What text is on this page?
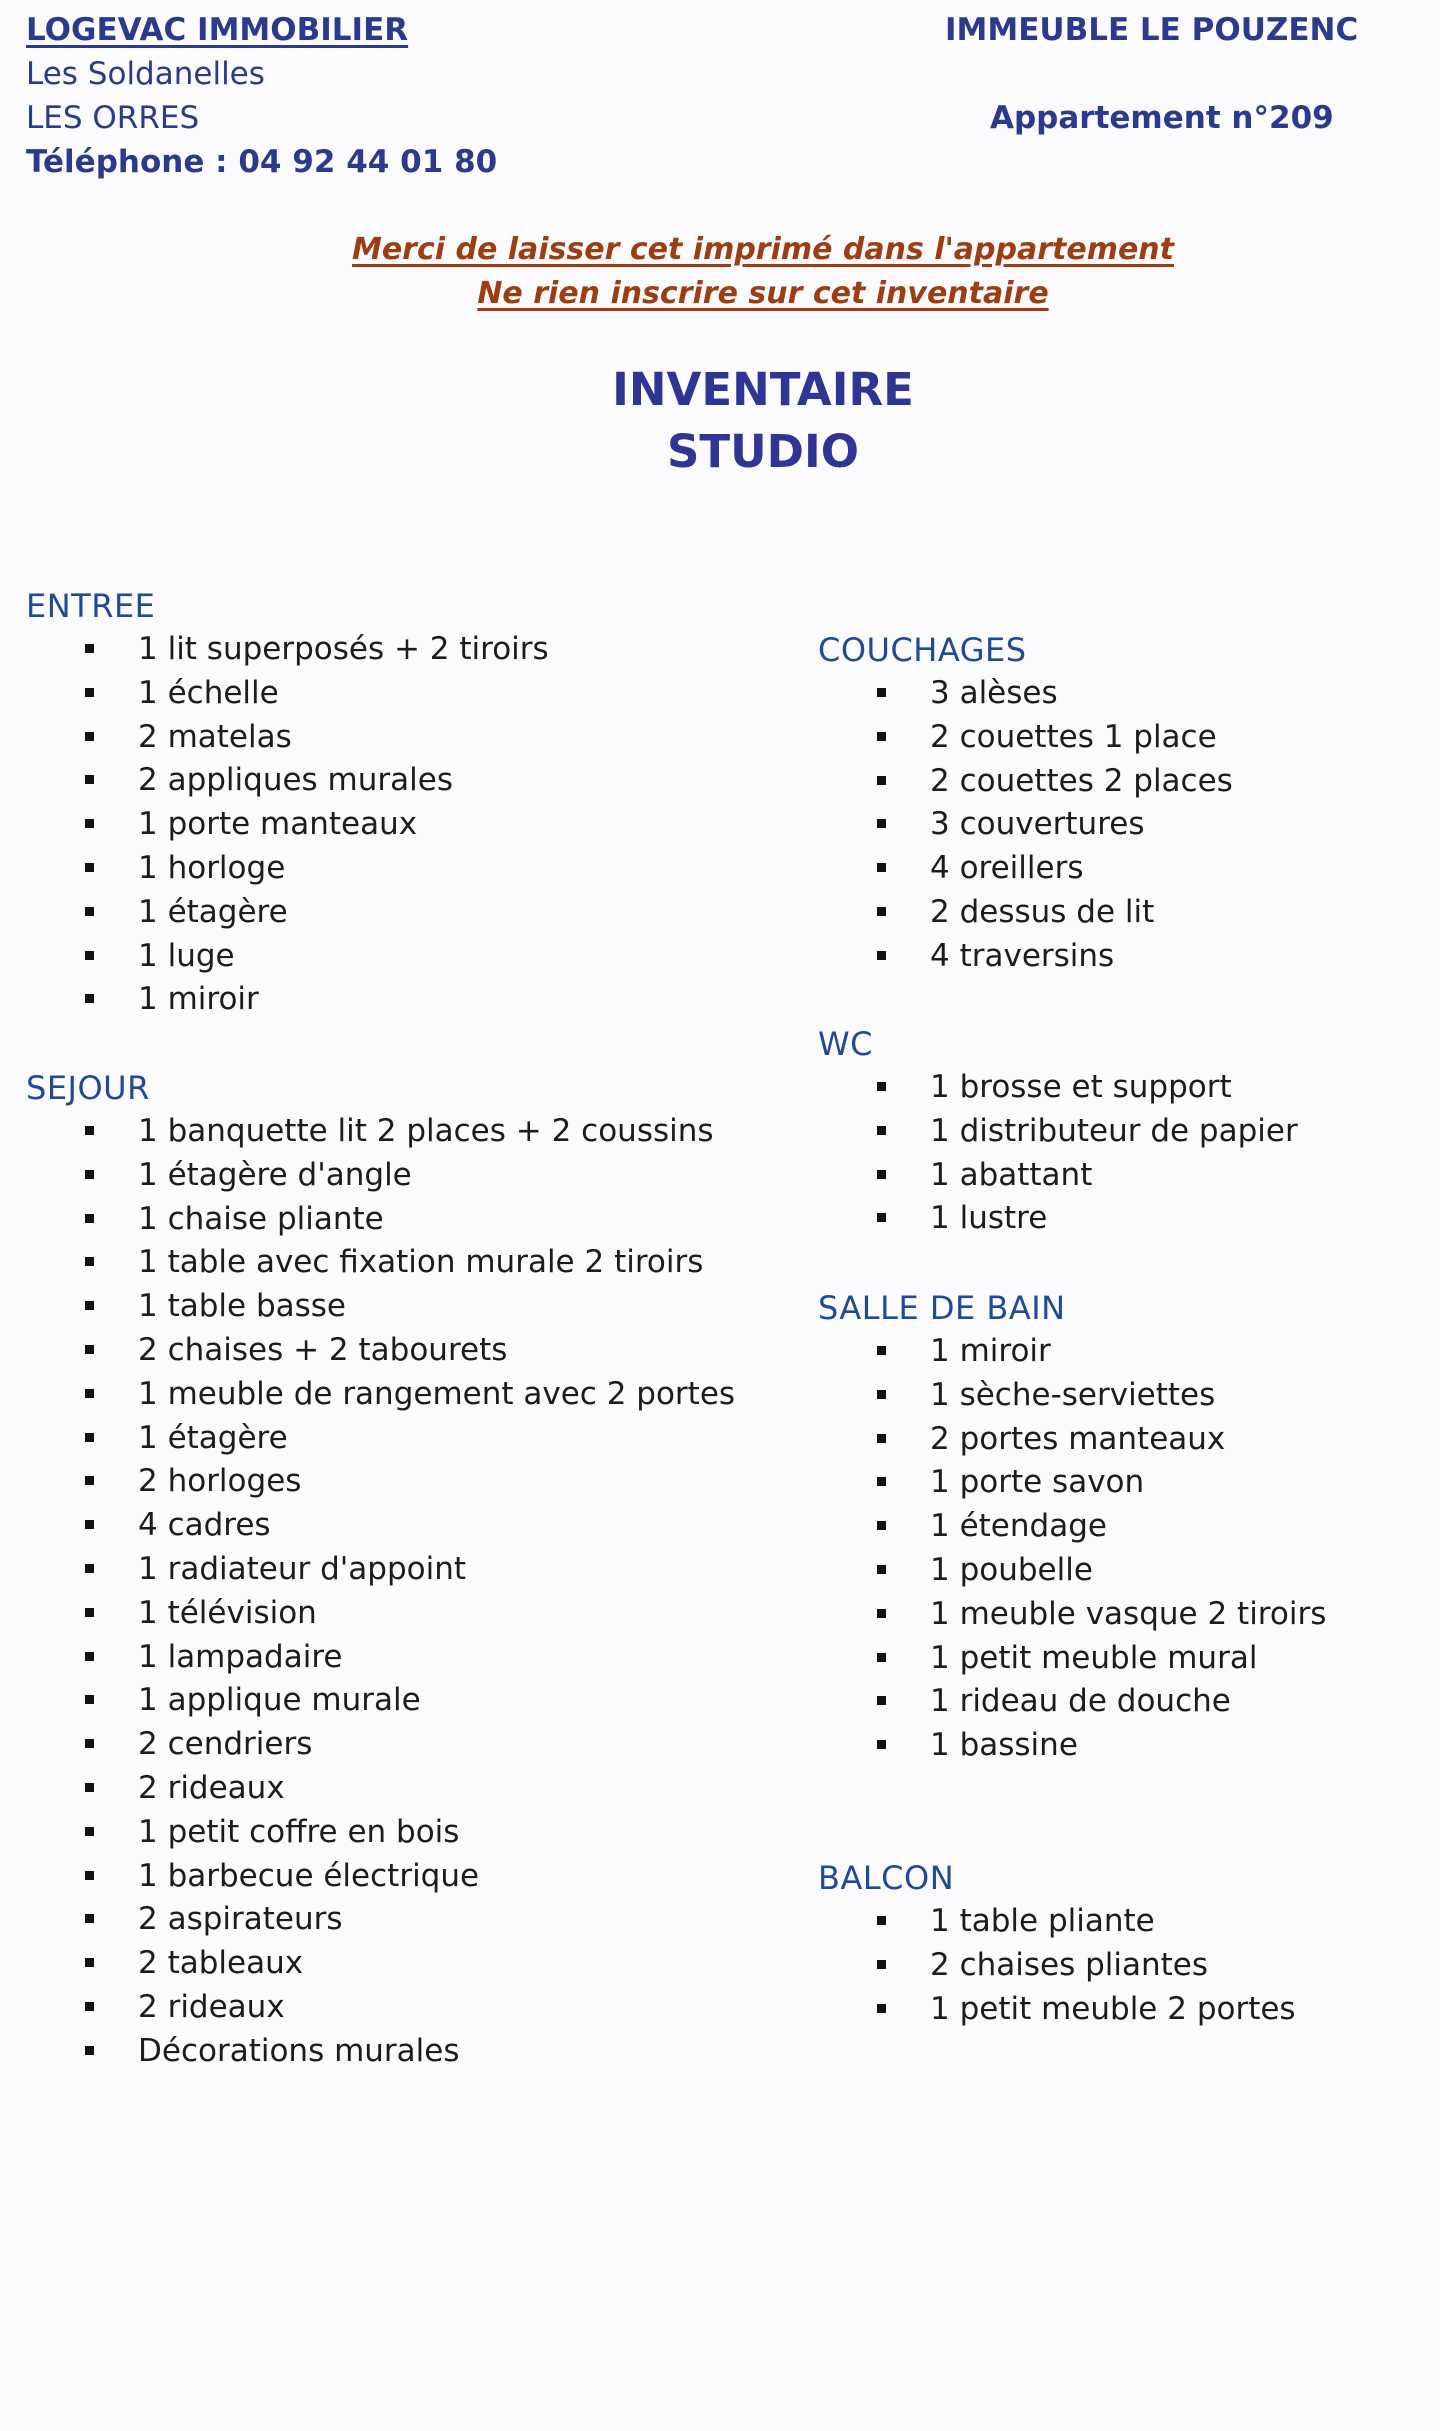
LOGEVAC IMMOBILIER
Les Soldanelles
LES ORRES
Téléphone : 04 92 44 01 80
IMMEUBLE LE POUZENC
Appartement n°209
Merci de laisser cet imprimé dans l'appartement
Ne rien inscrire sur cet inventaire
INVENTAIRE
STUDIO
ENTREE
1 lit superposés + 2 tiroirs
1 échelle
2 matelas
2 appliques murales
1 porte manteaux
1 horloge
1 étagère
1 luge
1 miroir
SEJOUR
1 banquette lit 2 places + 2 coussins
1 étagère d'angle
1 chaise pliante
1 table avec fixation murale 2 tiroirs
1 table basse
2 chaises + 2 tabourets
1 meuble de rangement avec 2 portes
1 étagère
2 horloges
4 cadres
1 radiateur d'appoint
1 télévision
1 lampadaire
1 applique murale
2 cendriers
2 rideaux
1 petit coffre en bois
1 barbecue électrique
2 aspirateurs
2 tableaux
2 rideaux
Décorations murales
COUCHAGES
3 alèses
2 couettes 1 place
2 couettes 2 places
3 couvertures
4 oreillers
2 dessus de lit
4 traversins
WC
1 brosse et support
1 distributeur de papier
1 abattant
1 lustre
SALLE DE BAIN
1 miroir
1 sèche-serviettes
2 portes manteaux
1 porte savon
1 étendage
1 poubelle
1 meuble vasque 2 tiroirs
1 petit meuble mural
1 rideau de douche
1 bassine
BALCON
1 table pliante
2 chaises pliantes
1 petit meuble 2 portes
